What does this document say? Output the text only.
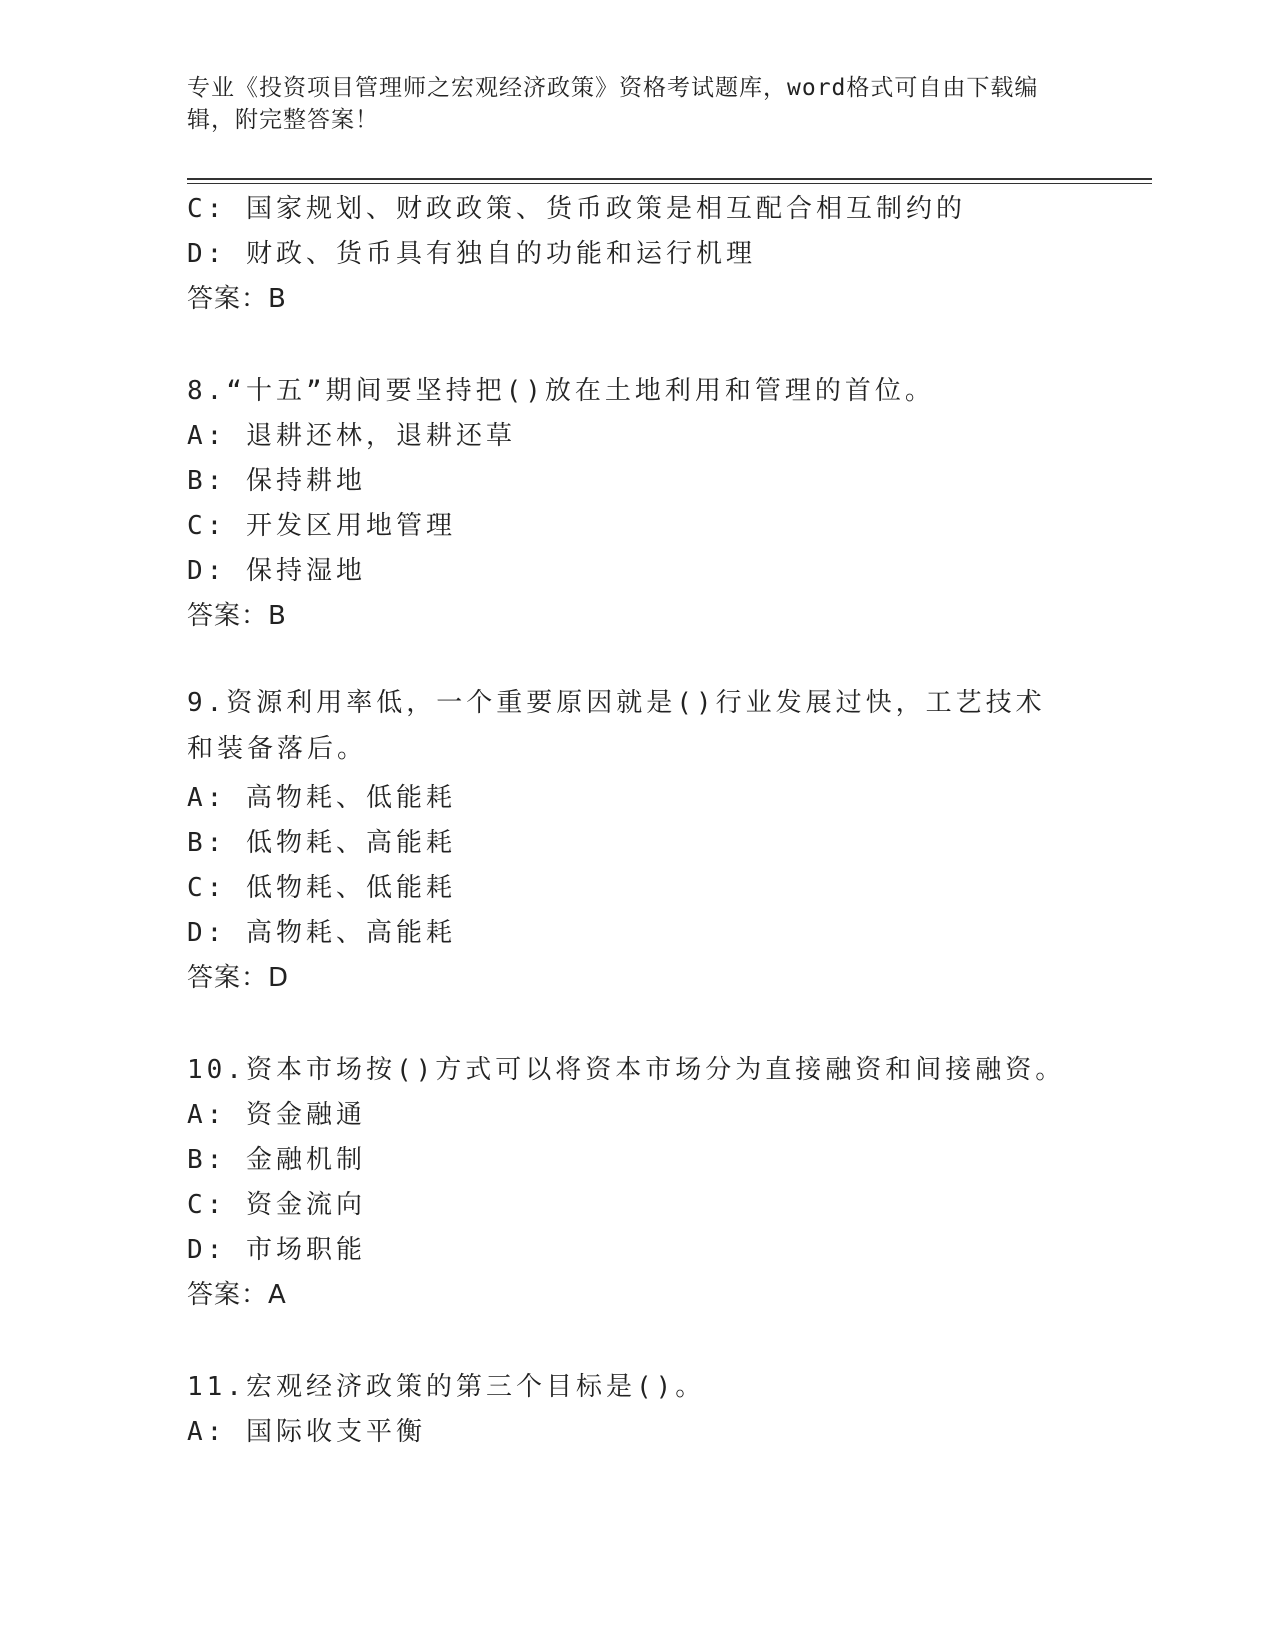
专业《投资项目管理师之宏观经济政策》资格考试题库，word格式可自由下载编辑，附完整答案！
C: 国家规划、财政政策、货币政策是相互配合相互制约的
D: 财政、货币具有独自的功能和运行机理
答案：B
8.“十五”期间要坚持把()放在土地利用和管理的首位。
A: 退耕还林，退耕还草
B: 保持耕地
C: 开发区用地管理
D: 保持湿地
答案：B
9.资源利用率低，一个重要原因就是()行业发展过快，工艺技术和装备落后。
A: 高物耗、低能耗
B: 低物耗、高能耗
C: 低物耗、低能耗
D: 高物耗、高能耗
答案：D
10.资本市场按()方式可以将资本市场分为直接融资和间接融资。
A: 资金融通
B: 金融机制
C: 资金流向
D: 市场职能
答案：A
11.宏观经济政策的第三个目标是()。
A: 国际收支平衡
